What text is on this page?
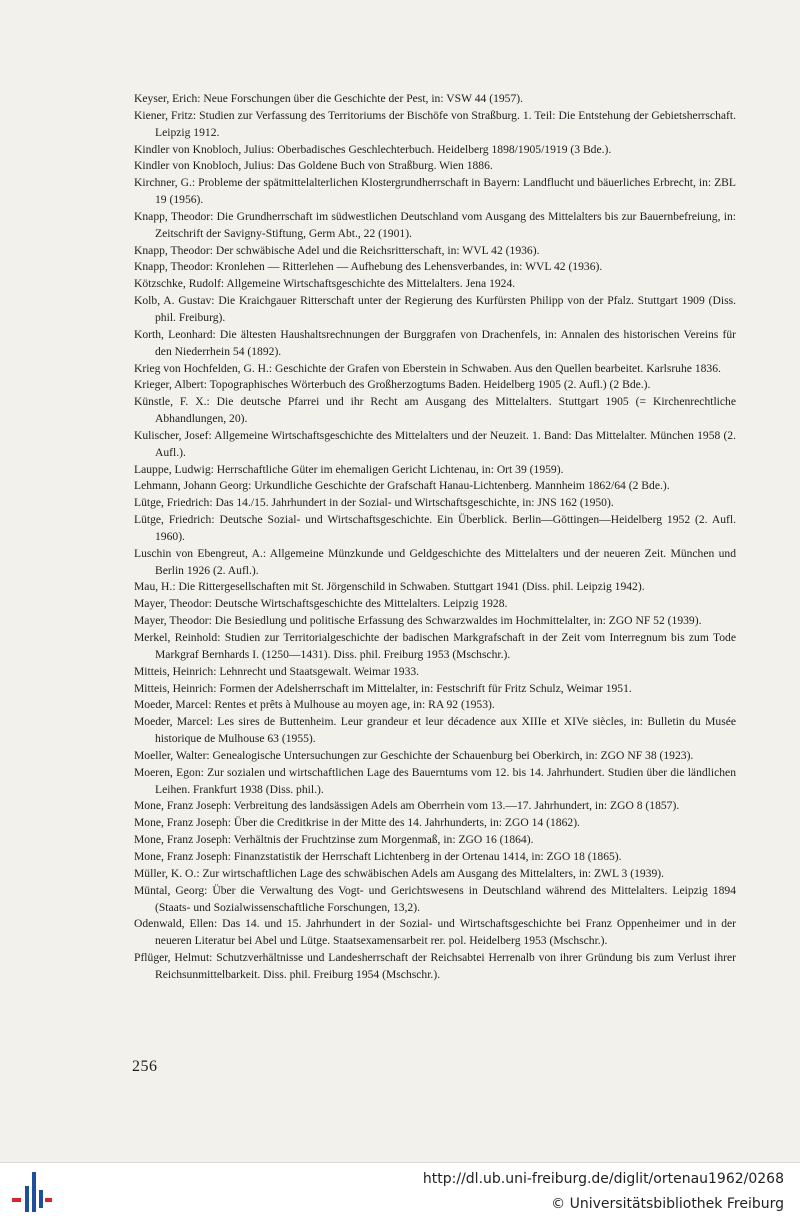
Keyser, Erich: Neue Forschungen über die Geschichte der Pest, in: VSW 44 (1957).

Kiener, Fritz: Studien zur Verfassung des Territoriums der Bischöfe von Straßburg. 1. Teil: Die Entstehung der Gebietsherrschaft. Leipzig 1912.

Kindler von Knobloch, Julius: Oberbadisches Geschlechterbuch. Heidelberg 1898/1905/1919 (3 Bde.).

Kindler von Knobloch, Julius: Das Goldene Buch von Straßburg. Wien 1886.

Kirchner, G.: Probleme der spätmittelalterlichen Klostergrundherrschaft in Bayern: Landflucht und bäuerliches Erbrecht, in: ZBL 19 (1956).

Knapp, Theodor: Die Grundherrschaft im südwestlichen Deutschland vom Ausgang des Mittelalters bis zur Bauernbefreiung, in: Zeitschrift der Savigny-Stiftung, Germ Abt., 22 (1901).

Knapp, Theodor: Der schwäbische Adel und die Reichsritterschaft, in: WVL 42 (1936).

Knapp, Theodor: Kronlehen — Ritterlehen — Aufhebung des Lehensverbandes, in: WVL 42 (1936).

Kötzschke, Rudolf: Allgemeine Wirtschaftsgeschichte des Mittelalters. Jena 1924.

Kolb, A. Gustav: Die Kraichgauer Ritterschaft unter der Regierung des Kurfürsten Philipp von der Pfalz. Stuttgart 1909 (Diss. phil. Freiburg).

Korth, Leonhard: Die ältesten Haushaltsrechnungen der Burggrafen von Drachenfels, in: Annalen des historischen Vereins für den Niederrhein 54 (1892).

Krieg von Hochfelden, G. H.: Geschichte der Grafen von Eberstein in Schwaben. Aus den Quellen bearbeitet. Karlsruhe 1836.

Krieger, Albert: Topographisches Wörterbuch des Großherzogtums Baden. Heidelberg 1905 (2. Aufl.) (2 Bde.).

Künstle, F. X.: Die deutsche Pfarrei und ihr Recht am Ausgang des Mittelalters. Stuttgart 1905 (= Kirchenrechtliche Abhandlungen, 20).

Kulischer, Josef: Allgemeine Wirtschaftsgeschichte des Mittelalters und der Neuzeit. 1. Band: Das Mittelalter. München 1958 (2. Aufl.).

Lauppe, Ludwig: Herrschaftliche Güter im ehemaligen Gericht Lichtenau, in: Ort 39 (1959).

Lehmann, Johann Georg: Urkundliche Geschichte der Grafschaft Hanau-Lichtenberg. Mannheim 1862/64 (2 Bde.).

Lütge, Friedrich: Das 14./15. Jahrhundert in der Sozial- und Wirtschaftsgeschichte, in: JNS 162 (1950).

Lütge, Friedrich: Deutsche Sozial- und Wirtschaftsgeschichte. Ein Überblick. Berlin—Göttingen—Heidelberg 1952 (2. Aufl. 1960).

Luschin von Ebengreut, A.: Allgemeine Münzkunde und Geldgeschichte des Mittelalters und der neueren Zeit. München und Berlin 1926 (2. Aufl.).

Mau, H.: Die Rittergesellschaften mit St. Jörgenschild in Schwaben. Stuttgart 1941 (Diss. phil. Leipzig 1942).

Mayer, Theodor: Deutsche Wirtschaftsgeschichte des Mittelalters. Leipzig 1928.

Mayer, Theodor: Die Besiedlung und politische Erfassung des Schwarzwaldes im Hochmittelalter, in: ZGO NF 52 (1939).

Merkel, Reinhold: Studien zur Territorialgeschichte der badischen Markgrafschaft in der Zeit vom Interregnum bis zum Tode Markgraf Bernhards I. (1250—1431). Diss. phil. Freiburg 1953 (Mschschr.).

Mitteis, Heinrich: Lehnrecht und Staatsgewalt. Weimar 1933.

Mitteis, Heinrich: Formen der Adelsherrschaft im Mittelalter, in: Festschrift für Fritz Schulz, Weimar 1951.

Moeder, Marcel: Rentes et prêts à Mulhouse au moyen age, in: RA 92 (1953).

Moeder, Marcel: Les sires de Buttenheim. Leur grandeur et leur décadence aux XIIIe et XIVe siècles, in: Bulletin du Musée historique de Mulhouse 63 (1955).

Moeller, Walter: Genealogische Untersuchungen zur Geschichte der Schauenburg bei Oberkirch, in: ZGO NF 38 (1923).

Moeren, Egon: Zur sozialen und wirtschaftlichen Lage des Bauerntums vom 12. bis 14. Jahrhundert. Studien über die ländlichen Leihen. Frankfurt 1938 (Diss. phil.).

Mone, Franz Joseph: Verbreitung des landsässigen Adels am Oberrhein vom 13.—17. Jahrhundert, in: ZGO 8 (1857).

Mone, Franz Joseph: Über die Creditkrise in der Mitte des 14. Jahrhunderts, in: ZGO 14 (1862).

Mone, Franz Joseph: Verhältnis der Fruchtzinse zum Morgenmaß, in: ZGO 16 (1864).

Mone, Franz Joseph: Finanzstatistik der Herrschaft Lichtenberg in der Ortenau 1414, in: ZGO 18 (1865).

Müller, K. O.: Zur wirtschaftlichen Lage des schwäbischen Adels am Ausgang des Mittelalters, in: ZWL 3 (1939).

Müntal, Georg: Über die Verwaltung des Vogt- und Gerichtswesens in Deutschland während des Mittelalters. Leipzig 1894 (Staats- und Sozialwissenschaftliche Forschungen, 13,2).

Odenwald, Ellen: Das 14. und 15. Jahrhundert in der Sozial- und Wirtschaftsgeschichte bei Franz Oppenheimer und in der neueren Literatur bei Abel und Lütge. Staatsexamensarbeit rer. pol. Heidelberg 1953 (Mschschr.).

Pflüger, Helmut: Schutzverhältnisse und Landesherrschaft der Reichsabtei Herrenalb von ihrer Gründung bis zum Verlust ihrer Reichsunmittelbarkeit. Diss. phil. Freiburg 1954 (Mschschr.).

256
http://dl.ub.uni-freiburg.de/diglit/ortenau1962/0268
© Universitätsbibliothek Freiburg
